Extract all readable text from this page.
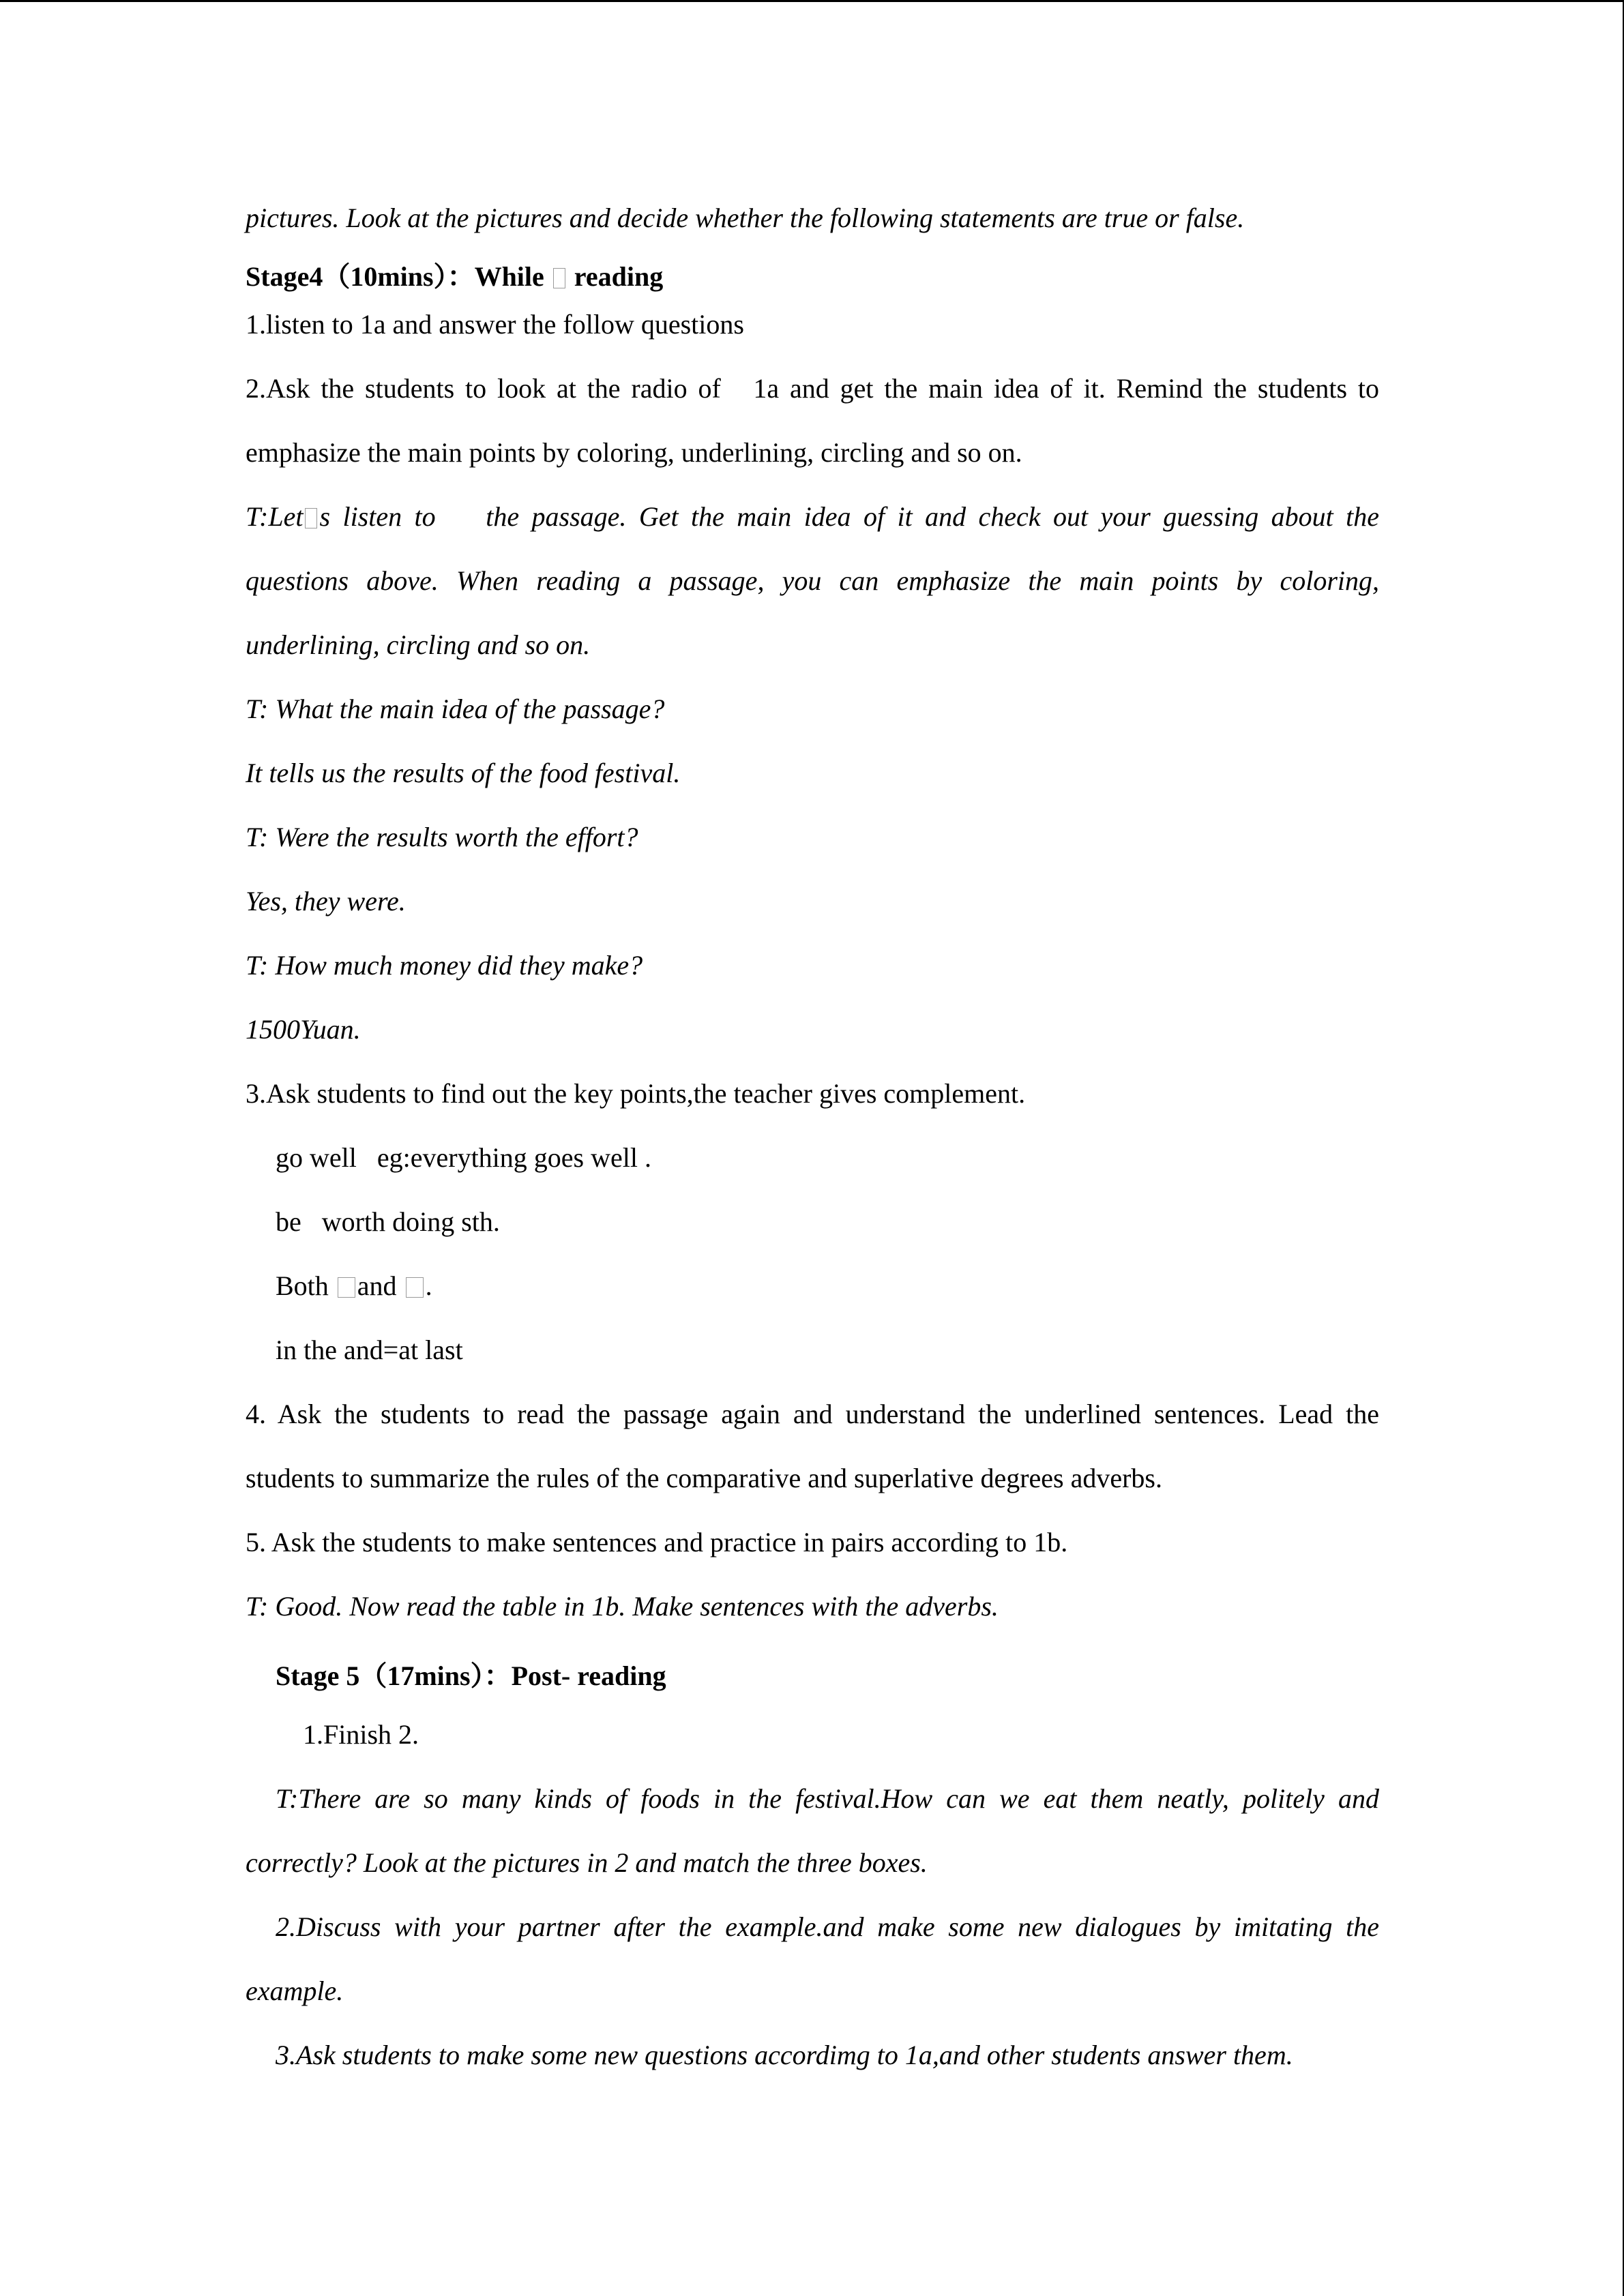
pictures. Look at the pictures and decide whether the following statements are true or false.

Stage4（10mins）：While reading

1.listen to 1a and answer the follow questions

2.Ask the students to look at the radio of   1a and get the main idea of it. Remind the students to

emphasize the main points by coloring, underlining, circling and so on.

T:Let s listen to    the passage. Get the main idea of it and check out your guessing about the

questions above. When reading a passage, you can emphasize the main points by coloring,

underlining, circling and so on.

T: What the main idea of the passage?

It tells us the results of the food festival.

T: Were the results worth the effort?

Yes, they were.

T: How much money did they make?

1500Yuan.

3.Ask students to find out the key points,the teacher gives complement.

go well   eg:everything goes well .

be   worth doing sth.

Both and .

in the and=at last

4. Ask the students to read the passage again and understand the underlined sentences. Lead the

students to summarize the rules of the comparative and superlative degrees adverbs.

5. Ask the students to make sentences and practice in pairs according to 1b.

T: Good. Now read the table in 1b. Make sentences with the adverbs.

Stage 5（17mins）：Post- reading

1.Finish 2.

T:There are so many kinds of foods in the festival.How can we eat them neatly, politely and

correctly? Look at the pictures in 2 and match the three boxes.

2.Discuss with your partner after the example.and make some new dialogues by imitating the

example.

3.Ask students to make some new questions accordimg to 1a,and other students answer them.
